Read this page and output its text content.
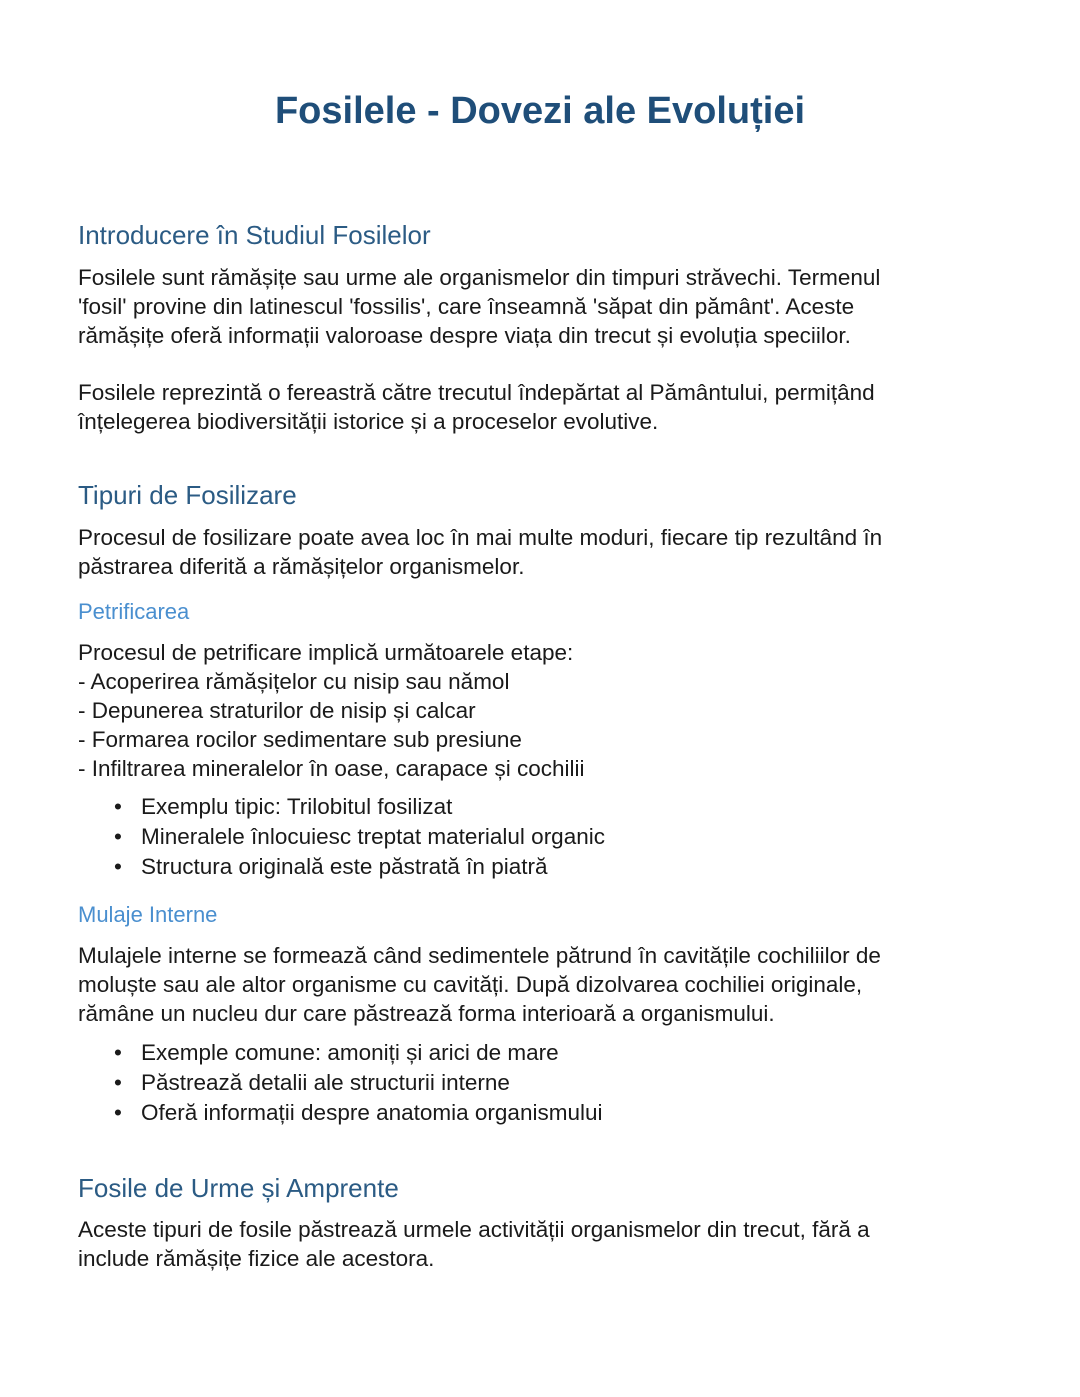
Fosilele - Dovezi ale Evoluției
Introducere în Studiul Fosilelor
Fosilele sunt rămășițe sau urme ale organismelor din timpuri străvechi. Termenul
'fosil' provine din latinescul 'fossilis', care înseamnă 'săpat din pământ'. Aceste
rămășițe oferă informații valoroase despre viața din trecut și evoluția speciilor.
Fosilele reprezintă o fereastră către trecutul îndepărtat al Pământului, permițând
înțelegerea biodiversității istorice și a proceselor evolutive.
Tipuri de Fosilizare
Procesul de fosilizare poate avea loc în mai multe moduri, fiecare tip rezultând în
păstrarea diferită a rămășițelor organismelor.
Petrificarea
Procesul de petrificare implică următoarele etape:
- Acoperirea rămășițelor cu nisip sau nămol
- Depunerea straturilor de nisip și calcar
- Formarea rocilor sedimentare sub presiune
- Infiltrarea mineralelor în oase, carapace și cochilii
• Exemplu tipic: Trilobitul fosilizat
• Mineralele înlocuiesc treptat materialul organic
• Structura originală este păstrată în piatră
Mulaje Interne
Mulajele interne se formează când sedimentele pătrund în cavitățile cochiliilor de
moluște sau ale altor organisme cu cavități. După dizolvarea cochiliei originale,
rămâne un nucleu dur care păstrează forma interioară a organismului.
• Exemple comune: amoniți și arici de mare
• Păstrează detalii ale structurii interne
• Oferă informații despre anatomia organismului
Fosile de Urme și Amprente
Aceste tipuri de fosile păstrează urmele activității organismelor din trecut, fără a
include rămășițe fizice ale acestora.
